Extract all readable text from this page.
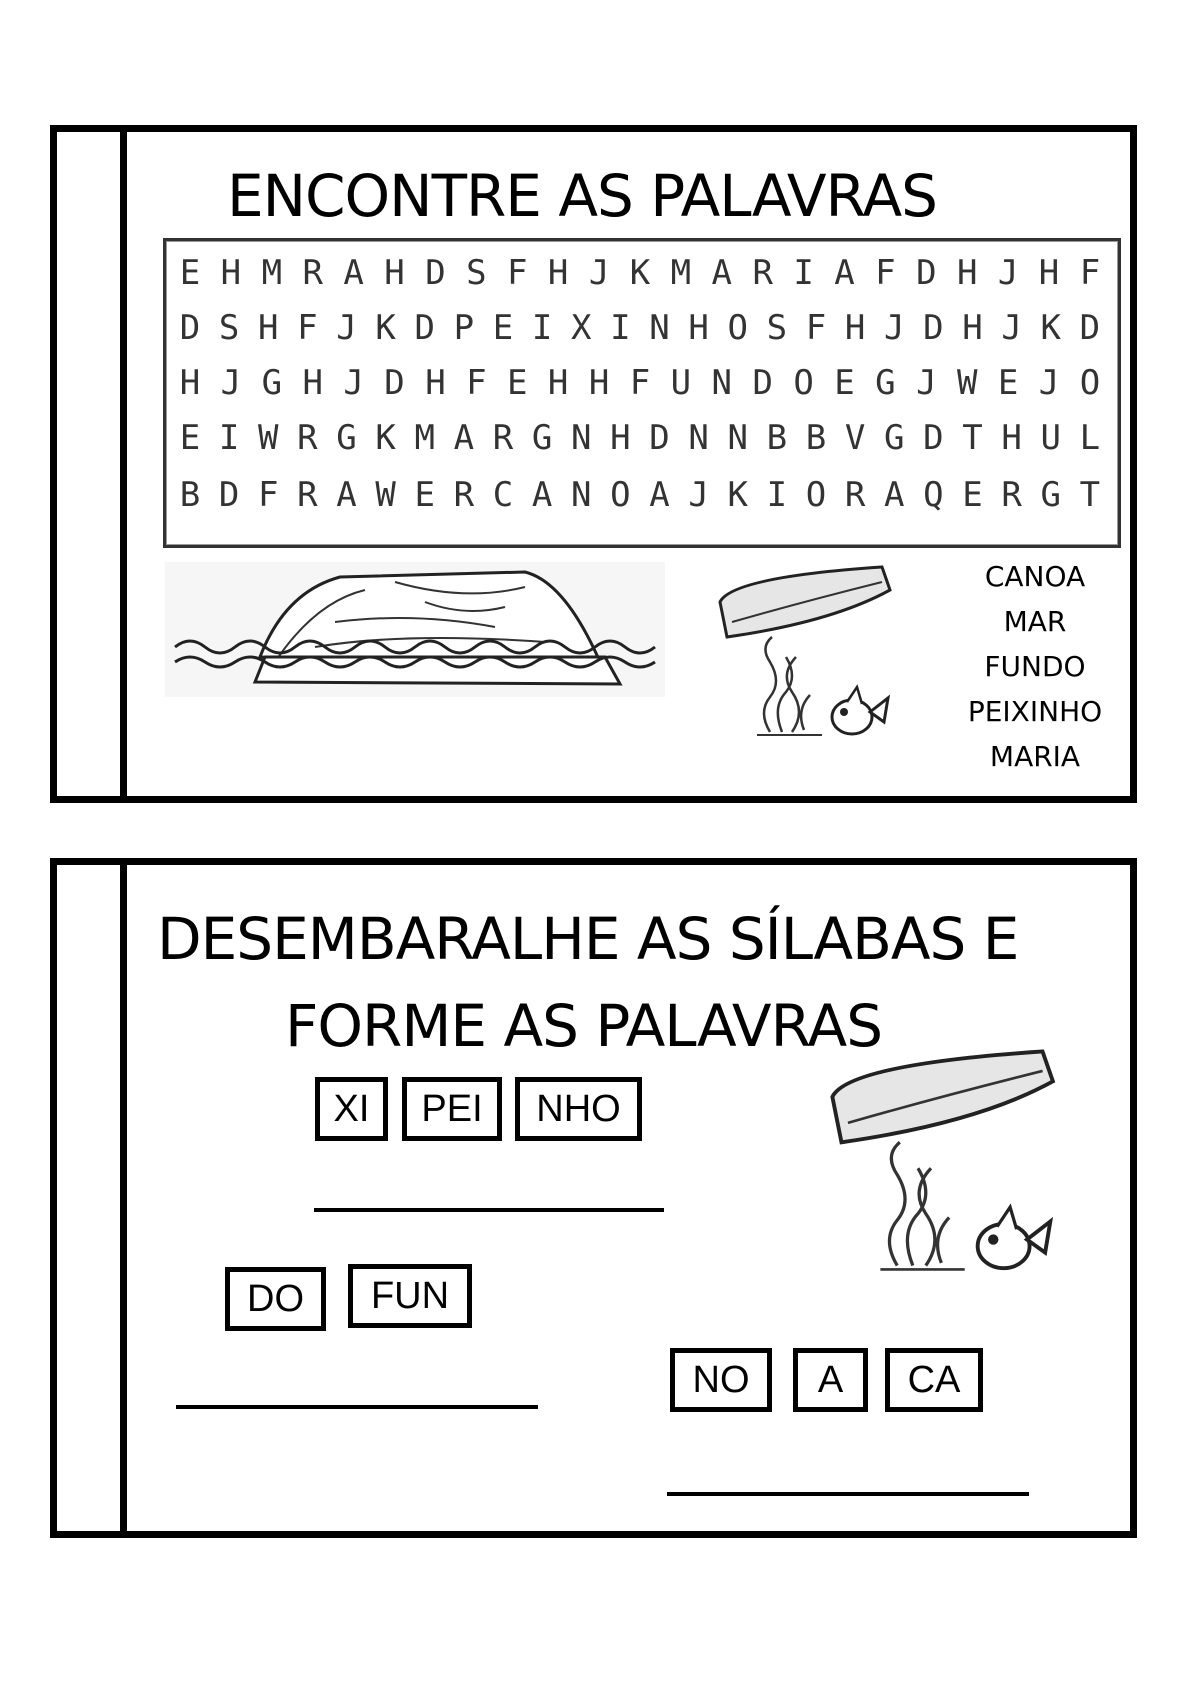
ENCONTRE AS PALAVRAS
E H M R A H D S F H J K M A R I A F D H J H F
D S H F J K D P E I X I N H O S F H J D H J K D
H J G H J D H F E H H F U N D O E G J W E J O
E I W R G K M A R G N H D N N B B V G D T H U L
B D F R A W E R C A N O A J K I O R A Q E R G T
CANOA
MAR
FUNDO
PEIXINHO
MARIA
DESEMBARALHE AS SÍLABAS E
FORME AS PALAVRAS
XI	PEI	NHO
DO	FUN
NO	A	CA
